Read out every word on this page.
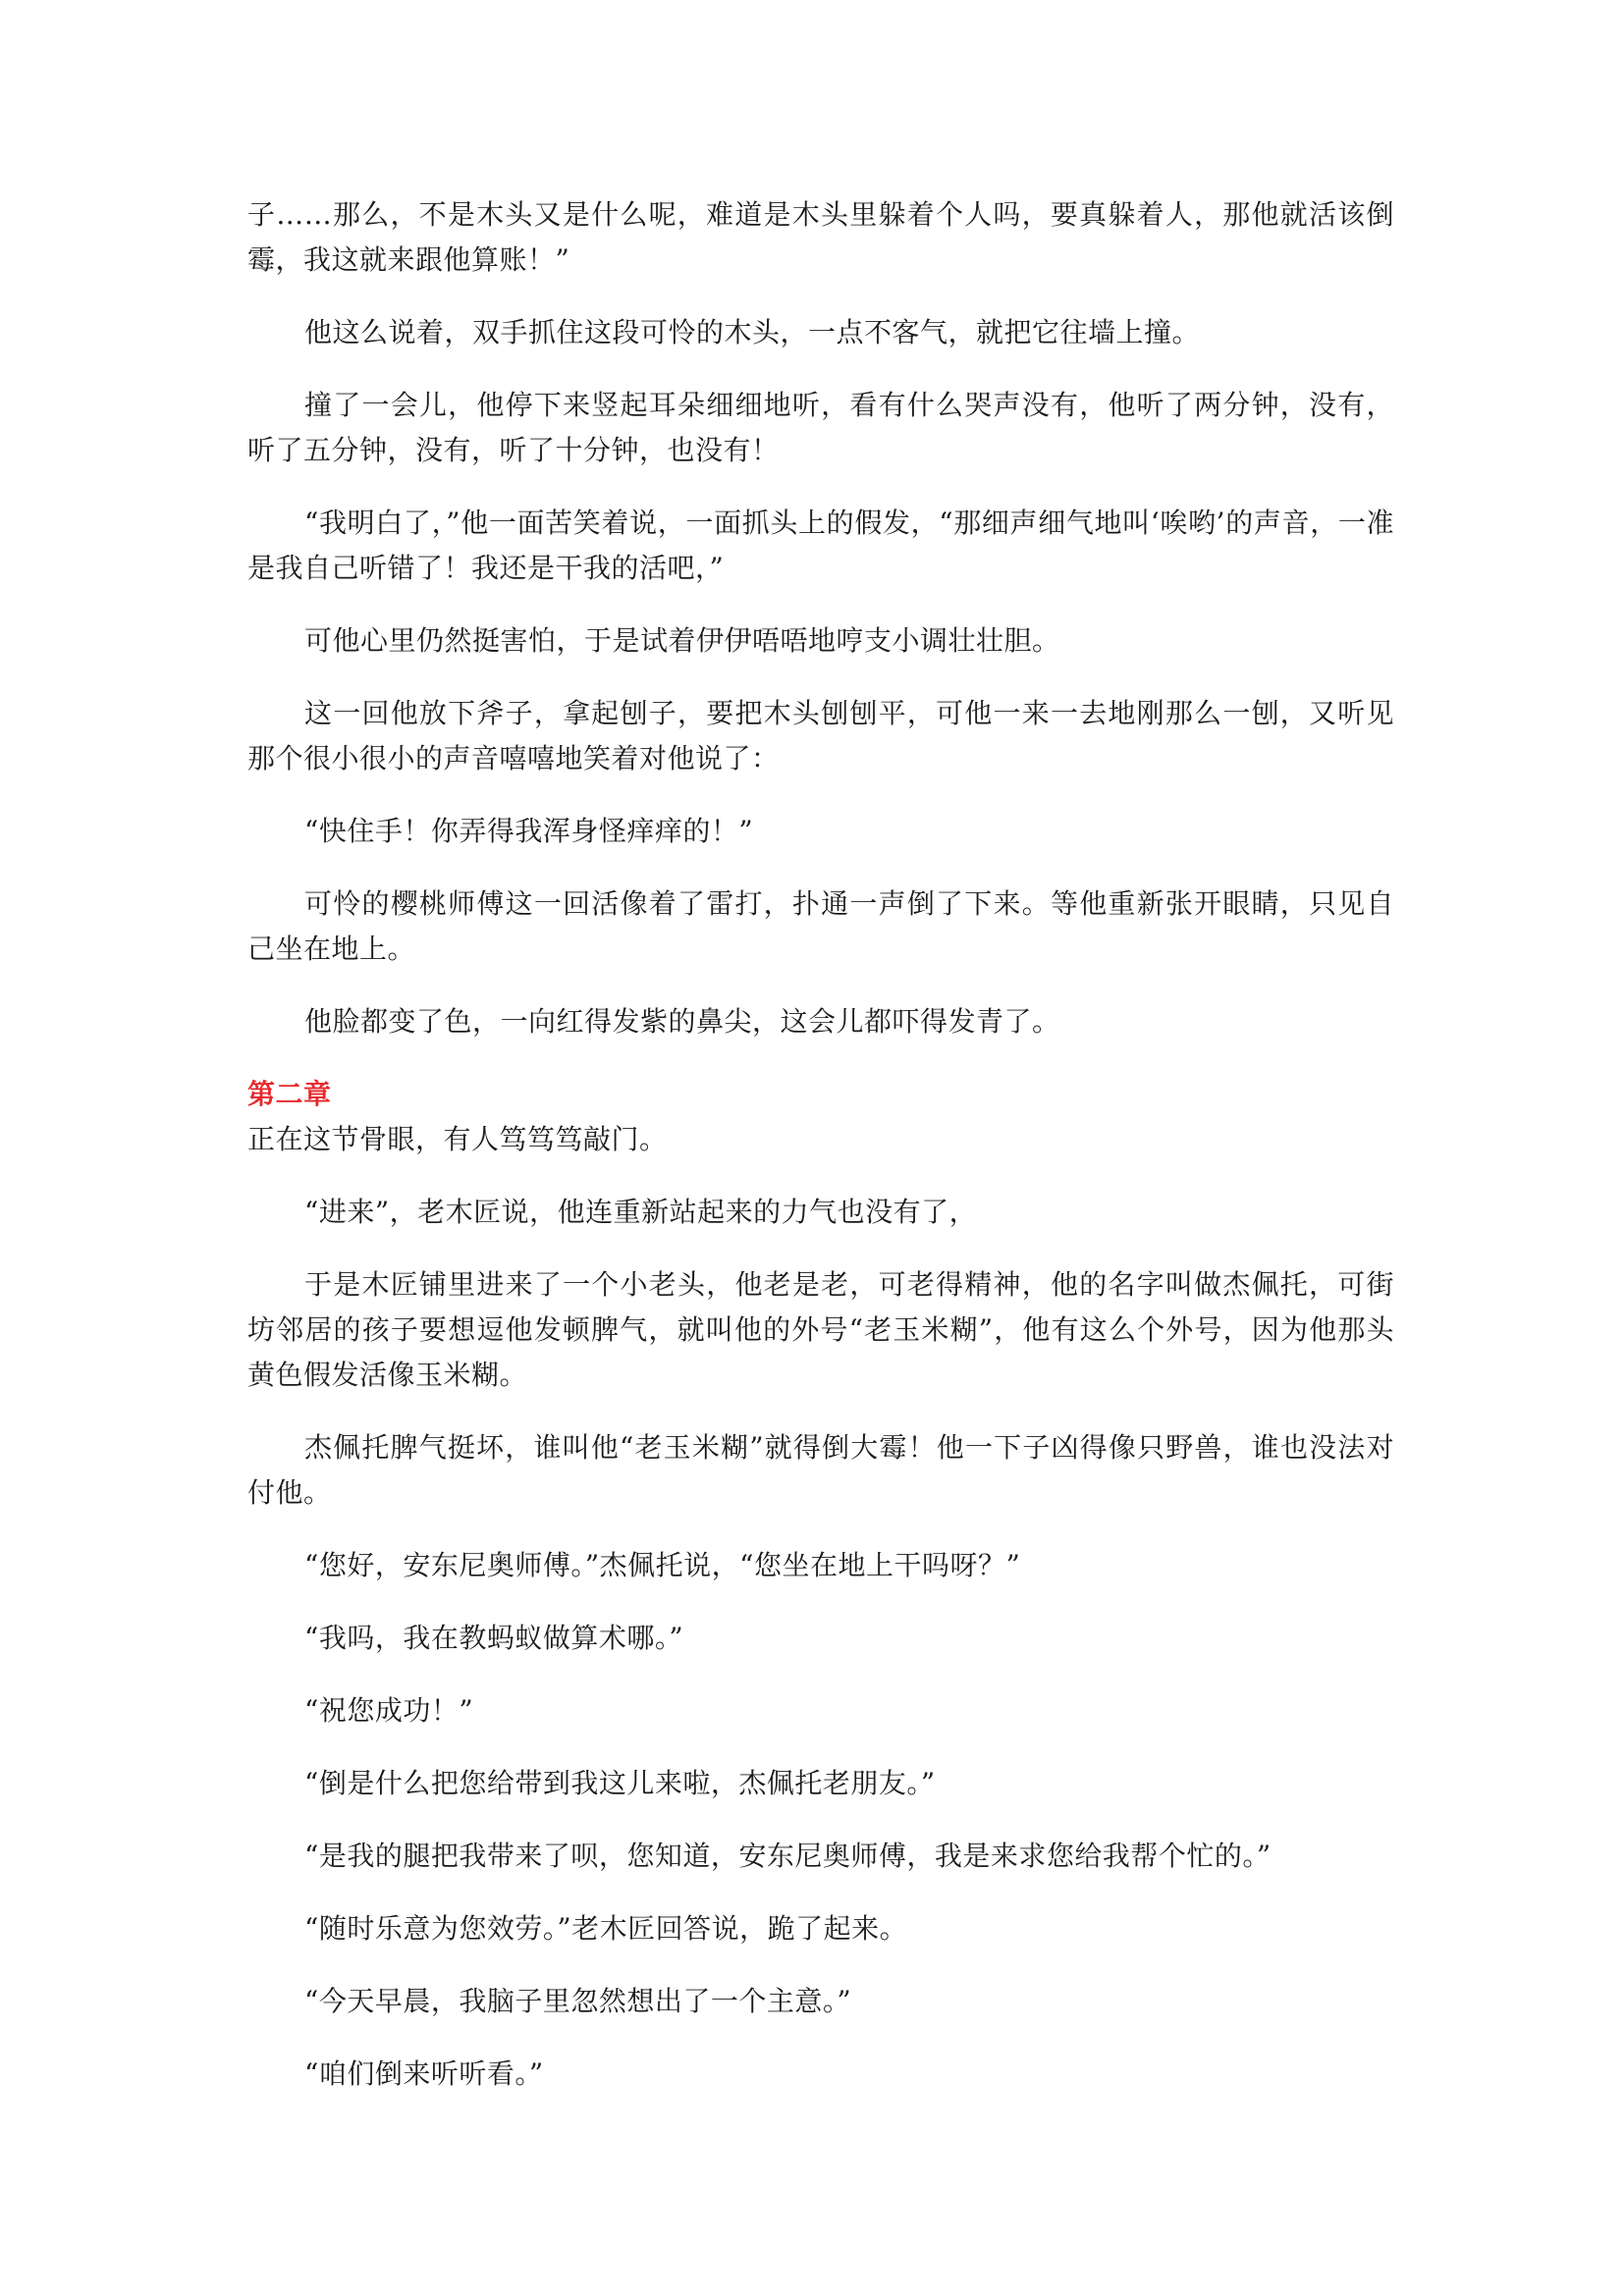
子……那么，不是木头又是什么呢，难道是木头里躲着个人吗，要真躲着人，那他就活该倒霉，我这就来跟他算账！”

他这么说着，双手抓住这段可怜的木头，一点不客气，就把它往墙上撞。

撞了一会儿，他停下来竖起耳朵细细地听，看有什么哭声没有，他听了两分钟，没有，听了五分钟，没有，听了十分钟，也没有！

“我明白了，”他一面苦笑着说，一面抓头上的假发，“那细声细气地叫‘唉哟’的声音，一准是我自己听错了！我还是干我的活吧，”

可他心里仍然挺害怕，于是试着伊伊唔唔地哼支小调壮壮胆。

这一回他放下斧子，拿起刨子，要把木头刨刨平，可他一来一去地刚那么一刨，又听见那个很小很小的声音嘻嘻地笑着对他说了：

“快住手！你弄得我浑身怪痒痒的！”

可怜的樱桃师傅这一回活像着了雷打，扑通一声倒了下来。等他重新张开眼睛，只见自己坐在地上。

他脸都变了色，一向红得发紫的鼻尖，这会儿都吓得发青了。

第二章

正在这节骨眼，有人笃笃笃敲门。

“进来”，老木匠说，他连重新站起来的力气也没有了，

于是木匠铺里进来了一个小老头，他老是老，可老得精神，他的名字叫做杰佩托，可街坊邻居的孩子要想逗他发顿脾气，就叫他的外号“老玉米糊”，他有这么个外号，因为他那头黄色假发活像玉米糊。

杰佩托脾气挺坏，谁叫他“老玉米糊”就得倒大霉！他一下子凶得像只野兽，谁也没法对付他。

“您好，安东尼奥师傅。”杰佩托说，“您坐在地上干吗呀？”

“我吗，我在教蚂蚁做算术哪。”

“祝您成功！”

“倒是什么把您给带到我这儿来啦，杰佩托老朋友。”

“是我的腿把我带来了呗，您知道，安东尼奥师傅，我是来求您给我帮个忙的。”

“随时乐意为您效劳。”老木匠回答说，跪了起来。

“今天早晨，我脑子里忽然想出了一个主意。”

“咱们倒来听听看。”
